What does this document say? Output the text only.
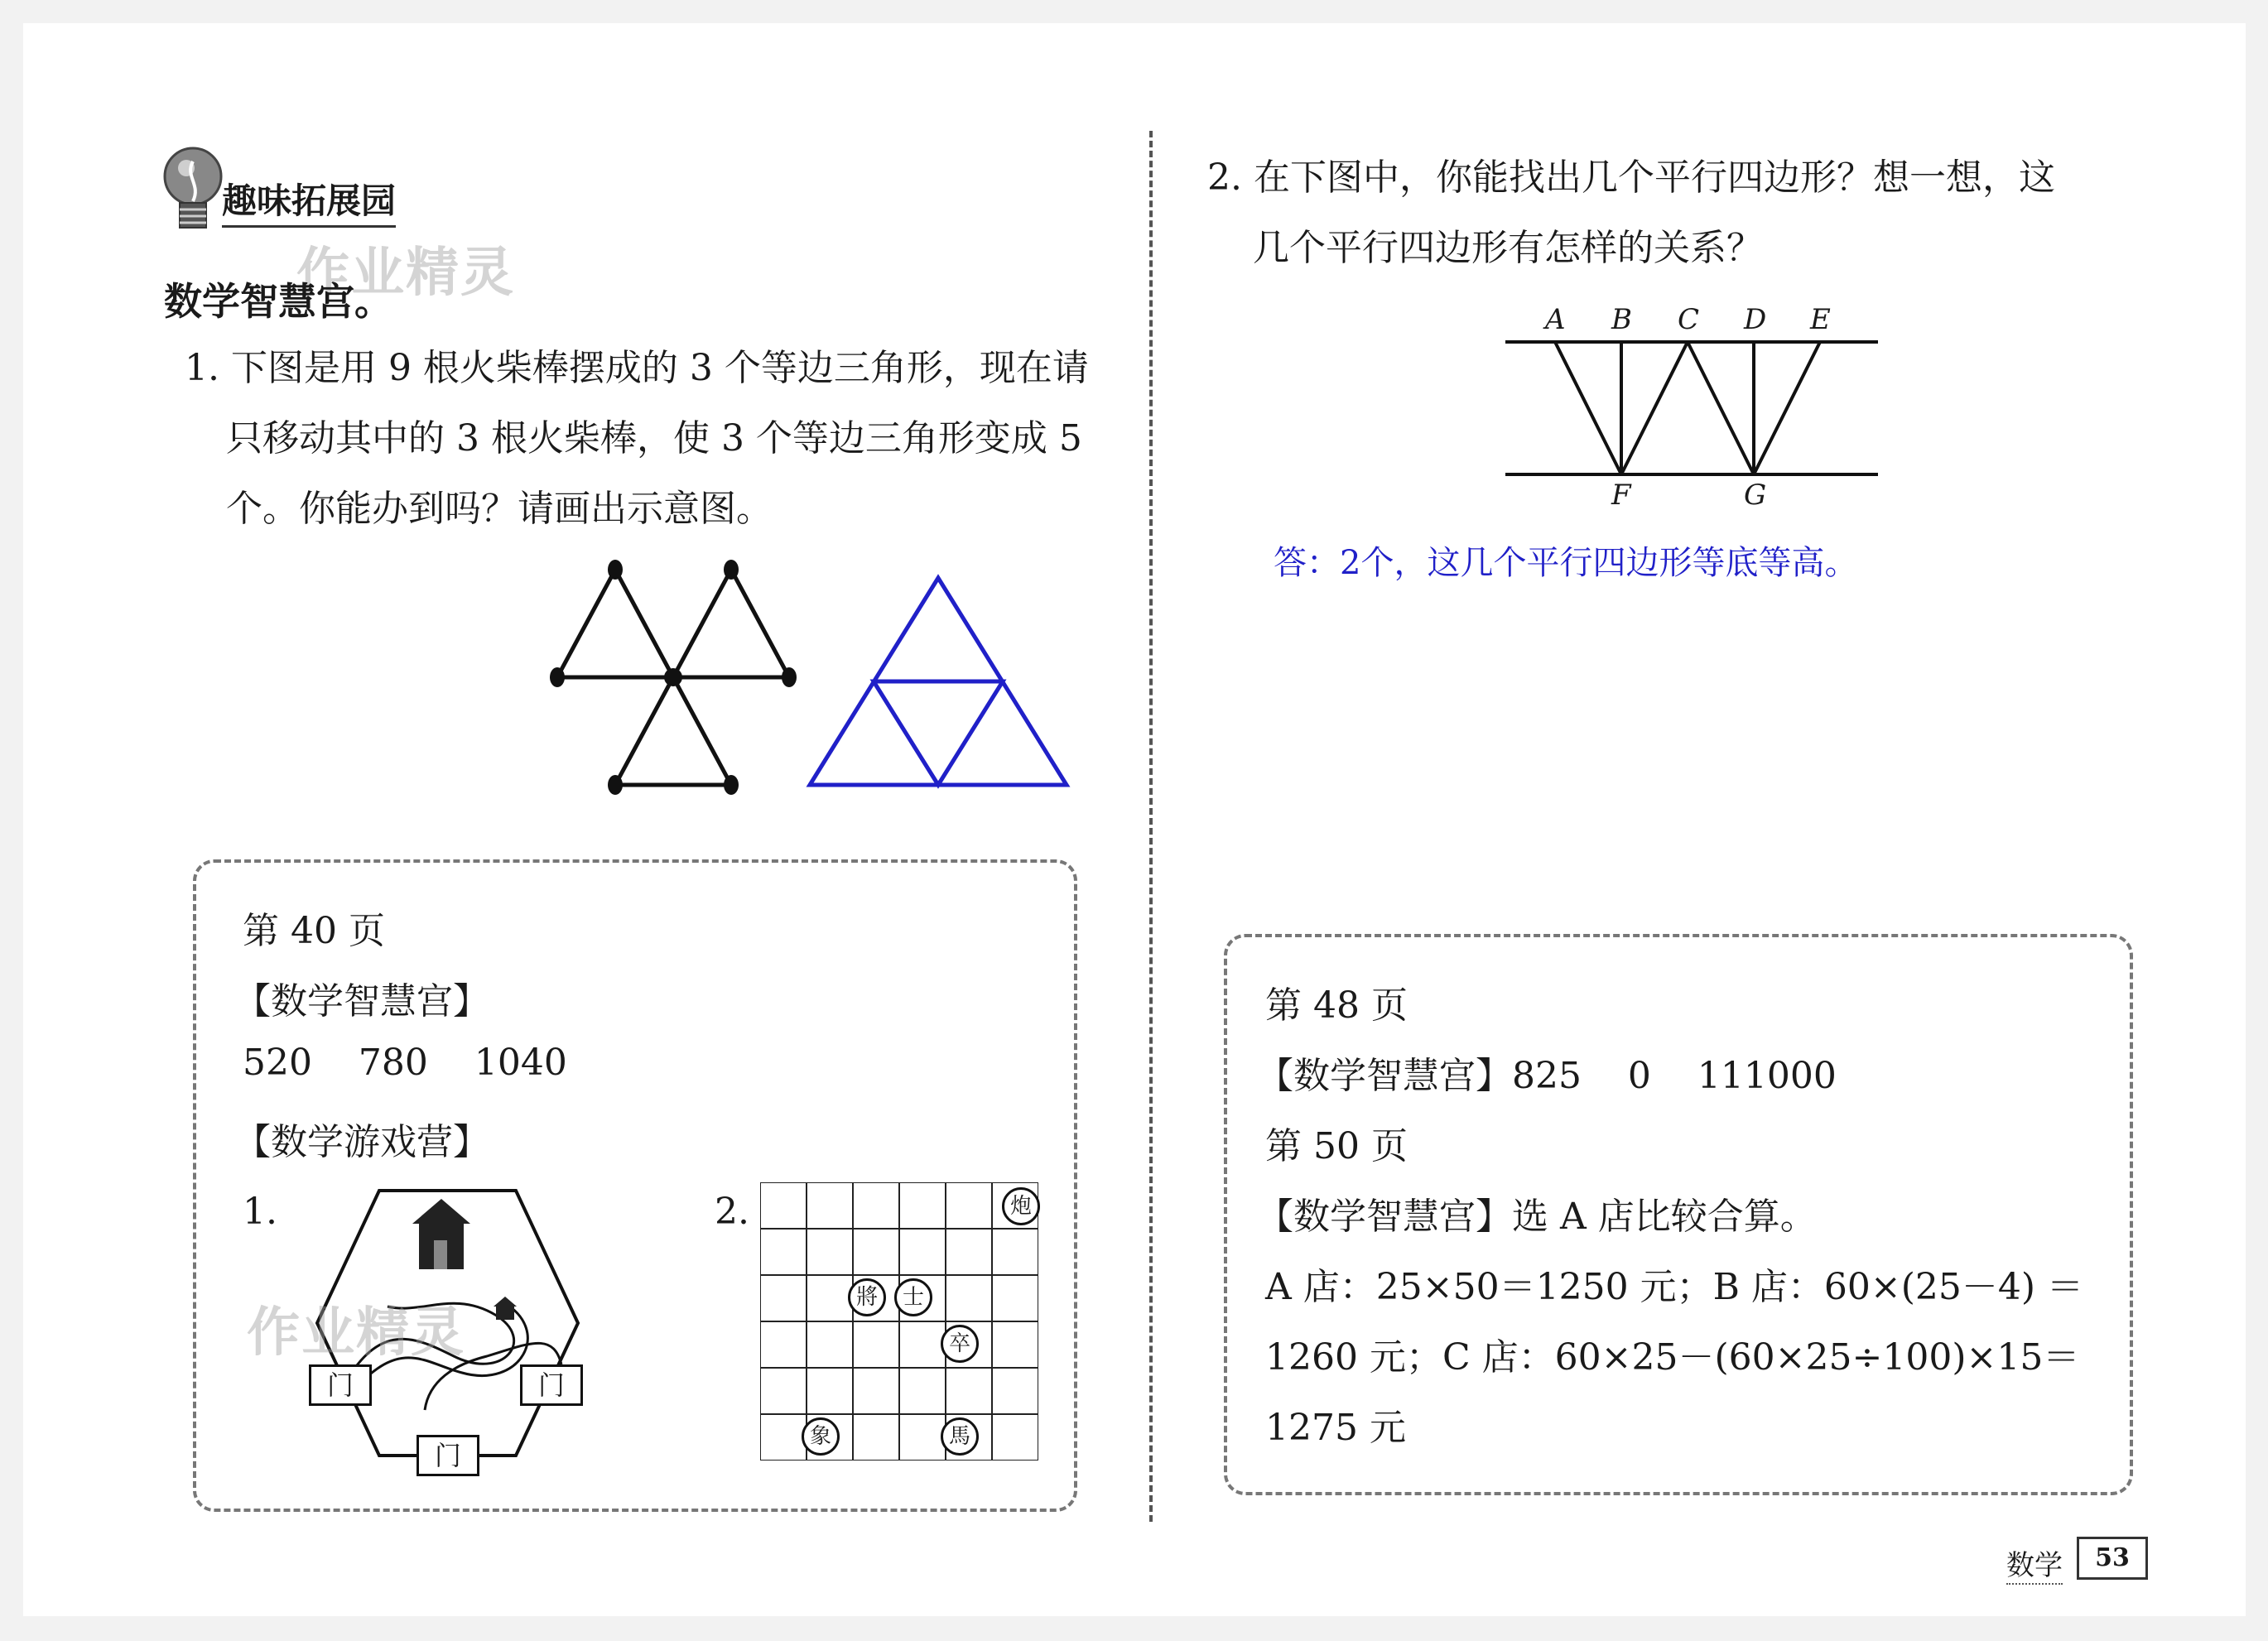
趣味拓展园
作业精灵
数学智慧宫。
1. 下图是用 9 根火柴棒摆成的 3 个等边三角形，现在请
只移动其中的 3 根火柴棒，使 3 个等边三角形变成 5
个。你能办到吗？请画出示意图。
2. 在下图中，你能找出几个平行四边形？想一想，这
几个平行四边形有怎样的关系？
A B C D E
F	G
答：2个，这几个平行四边形等底等高。
第 40 页
【数学智慧宫】
520    780    1040
【数学游戏营】
1.	2.
门	门
门
作业精灵
炮
將	士
卒
象	馬
第 48 页
【数学智慧宫】825    0    111000
第 50 页
【数学智慧宫】选 A 店比较合算。
A 店：25×50＝1250 元；B 店：60×(25－4) ＝
1260 元；C 店：60×25－(60×25÷100)×15＝
1275 元
数学	53
